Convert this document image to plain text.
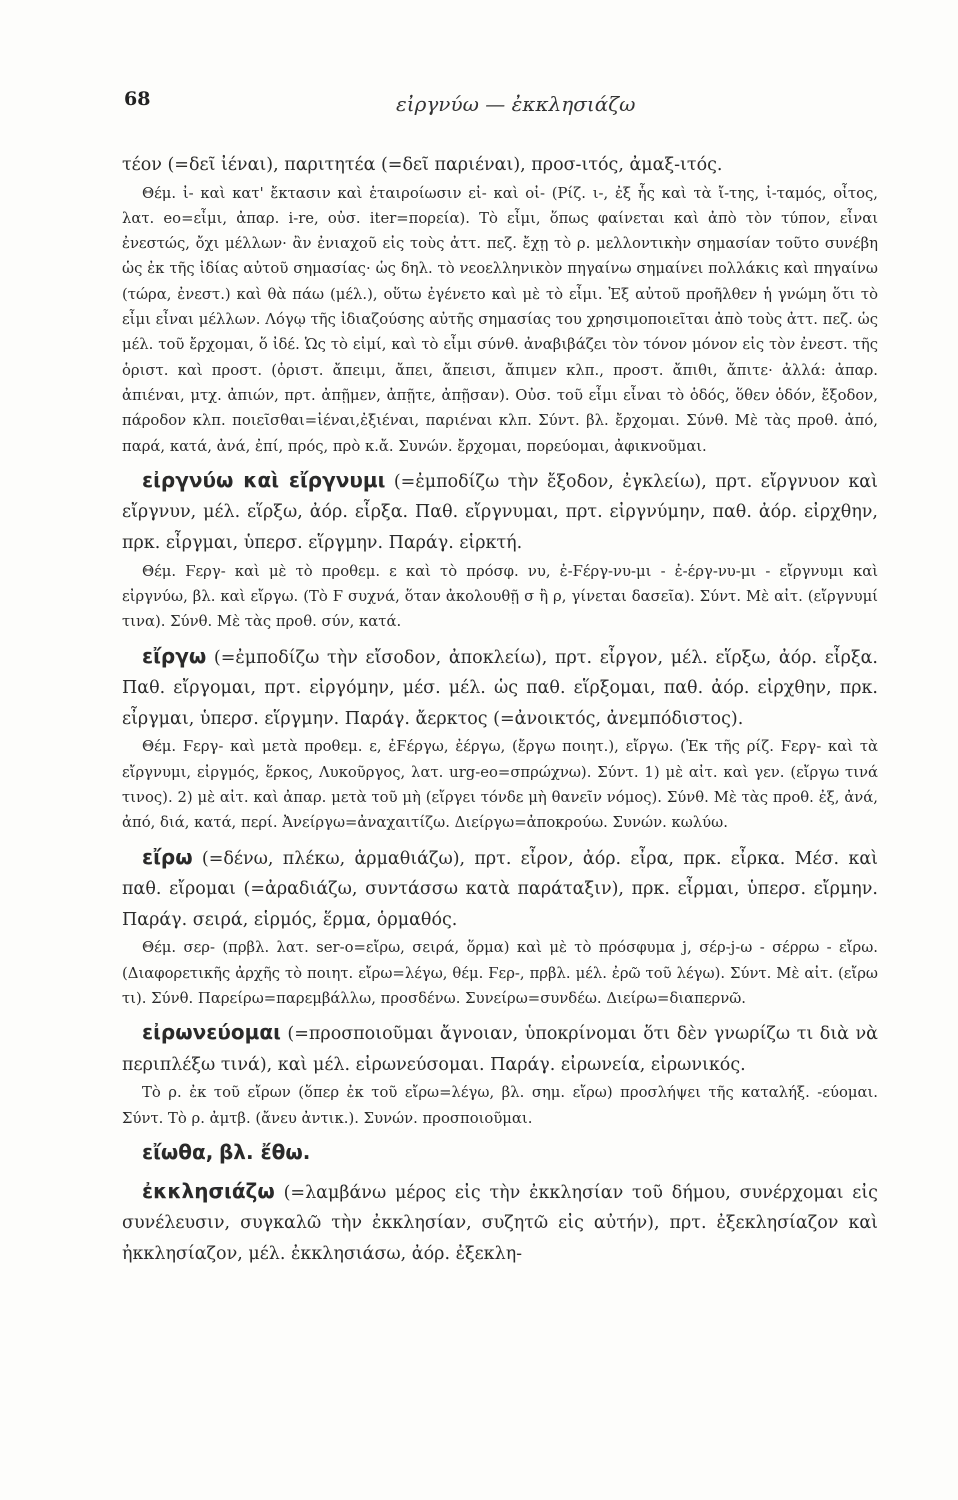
68	εἰργνύω — ἐκκλησιάζω

τέον (=δεῖ ἰέναι), παριτητέα (=δεῖ παριέναι), προσ-ιτός, ἀμαξ-ιτός.

Θέμ. ἰ- καὶ κατ' ἔκτασιν καὶ ἑταιροίωσιν εἰ- καὶ οἰ- (Ρίζ. ι-, ἐξ ἧς καὶ τὰ ἴ-της, ἰ-ταμός, οἶτος, λατ. eo=εἶμι, ἀπαρ. i-re, οὐσ. iter=πορεία). Τὸ εἶμι, ὅπως φαίνεται καὶ ἀπὸ τὸν τύπον, εἶναι ἐνεστώς, ὄχι μέλλων· ἂν ἐνιαχοῦ εἰς τοὺς ἀττ. πεζ. ἔχῃ τὸ ρ. μελλοντικὴν σημασίαν τοῦτο συνέβη ὡς ἐκ τῆς ἰδίας αὐτοῦ σημασίας· ὡς δηλ. τὸ νεοελληνικὸν πηγαίνω σημαίνει πολλάκις καὶ πηγαίνω (τώρα, ἐνεστ.) καὶ θὰ πάω (μέλ.), οὕτω ἐγένετο καὶ μὲ τὸ εἶμι. Ἐξ αὐτοῦ προῆλθεν ἡ γνώμη ὅτι τὸ εἶμι εἶναι μέλλων. Λόγῳ τῆς ἰδιαζούσης αὐτῆς σημασίας του χρησιμοποιεῖται ἀπὸ τοὺς ἀττ. πεζ. ὡς μέλ. τοῦ ἔρχομαι, ὅ ἰδέ. Ὡς τὸ εἰμί, καὶ τὸ εἶμι σύνθ. ἀναβιβάζει τὸν τόνον μόνον εἰς τὸν ἐνεστ. τῆς ὁριστ. καὶ προστ. (ὁριστ. ἄπειμι, ἄπει, ἄπεισι, ἄπιμεν κλπ., προστ. ἄπιθι, ἄπιτε· ἀλλά: ἀπαρ. ἀπιέναι, μτχ. ἀπιών, πρτ. ἀπῇμεν, ἀπῇτε, ἀπῇσαν). Οὐσ. τοῦ εἶμι εἶναι τὸ ὁδός, ὅθεν ὁδόν, ἔξοδον, πάροδον κλπ. ποιεῖσθαι=ἰέναι,ἐξιέναι, παριέναι κλπ. Σύντ. βλ. ἔρχομαι. Σύνθ. Μὲ τὰς προθ. ἀπό, παρά, κατά, ἀνά, ἐπί, πρός, πρὸ κ.ἄ. Συνών. ἔρχομαι, πορεύομαι, ἀφικνοῦμαι.

εἰργνύω καὶ εἴργνυμι (=ἐμποδίζω τὴν ἔξοδον, ἐγκλείω), πρτ. εἴργνυον καὶ εἴργνυν, μέλ. εἵρξω, ἀόρ. εἷρξα. Παθ. εἴργνυμαι, πρτ. εἰργνύμην, παθ. ἀόρ. εἰρχθην, πρκ. εἶργμαι, ὑπερσ. εἵργμην. Παράγ. εἱρκτή.

Θέμ. Ϝεργ- καὶ μὲ τὸ προθεμ. ε καὶ τὸ πρόσφ. νυ, ἐ-Ϝέργ-νυ-μι - ἐ-έργ-νυ-μι - εἴργνυμι καὶ εἰργνύω, βλ. καὶ εἴργω. (Τὸ Ϝ συχνά, ὅταν ἀκολουθῇ σ ἢ ρ, γίνεται δασεῖα). Σύντ. Μὲ αἰτ. (εἴργνυμί τινα). Σύνθ. Μὲ τὰς προθ. σύν, κατά.

εἴργω (=ἐμποδίζω τὴν εἴσοδον, ἀποκλείω), πρτ. εἶργον, μέλ. εἵρξω, ἀόρ. εἶρξα. Παθ. εἴργομαι, πρτ. εἰργόμην, μέσ. μέλ. ὡς παθ. εἵρξομαι, παθ. ἀόρ. εἰρχθην, πρκ. εἶργμαι, ὑπερσ. εἵργμην. Παράγ. ἄερκτος (=ἀνοικτός, ἀνεμπόδιστος).

Θέμ. Ϝεργ- καὶ μετὰ προθεμ. ε, ἐϜέργω, ἐέργω, (ἔργω ποιητ.), εἴργω. (Ἐκ τῆς ρίζ. Ϝεργ- καὶ τὰ εἴργνυμι, εἰργμός, ἕρκος, Λυκοῦργος, λατ. urg-eo=σπρώχνω). Σύντ. 1) μὲ αἰτ. καὶ γεν. (εἴργω τινά τινος). 2) μὲ αἰτ. καὶ ἀπαρ. μετὰ τοῦ μὴ (εἴργει τόνδε μὴ θανεῖν νόμος). Σύνθ. Μὲ τὰς προθ. ἐξ, ἀνά, ἀπό, διά, κατά, περί. Ἀνείργω=ἀναχαιτίζω. Διείργω=ἀποκρούω. Συνών. κωλύω.

εἴρω (=δένω, πλέκω, ἁρμαθιάζω), πρτ. εἶρον, ἀόρ. εἶρα, πρκ. εἶρκα. Μέσ. καὶ παθ. εἴρομαι (=ἀραδιάζω, συντάσσω κατὰ παράταξιν), πρκ. εἶρμαι, ὑπερσ. εἴρμην. Παράγ. σειρά, εἱρμός, ἕρμα, ὁρμαθός.

Θέμ. σερ- (πρβλ. λατ. ser-o=εἴρω, σειρά, ὅρμα) καὶ μὲ τὸ πρόσφυμα j, σέρ-j-ω - σέρρω - εἴρω. (Διαφορετικῆς ἀρχῆς τὸ ποιητ. εἴρω=λέγω, θέμ. Ϝερ-, πρβλ. μέλ. ἐρῶ τοῦ λέγω). Σύντ. Μὲ αἰτ. (εἴρω τι). Σύνθ. Παρείρω=παρεμβάλλω, προσδένω. Συνείρω=συνδέω. Διείρω=διαπερνῶ.

εἰρωνεύομαι (=προσποιοῦμαι ἄγνοιαν, ὑποκρίνομαι ὅτι δὲν γνωρίζω τι διὰ νὰ περιπλέξω τινά), καὶ μέλ. εἰρωνεύσομαι. Παράγ. εἰρωνεία, εἰρωνικός.

Τὸ ρ. ἐκ τοῦ εἴρων (ὅπερ ἐκ τοῦ εἴρω=λέγω, βλ. σημ. εἴρω) προσλήψει τῆς καταλήξ. -εύομαι. Σύντ. Τὸ ρ. ἀμτβ. (ἄνευ ἀντικ.). Συνών. προσποιοῦμαι.

εἴωθα, βλ. ἔθω.

ἐκκλησιάζω (=λαμβάνω μέρος εἰς τὴν ἐκκλησίαν τοῦ δήμου, συνέρχομαι εἰς συνέλευσιν, συγκαλῶ τὴν ἐκκλησίαν, συζητῶ εἰς αὐτήν), πρτ. ἐξεκλησίαζον καὶ ἠκκλησίαζον, μέλ. ἐκκλησιάσω, ἀόρ. ἐξεκλη-
